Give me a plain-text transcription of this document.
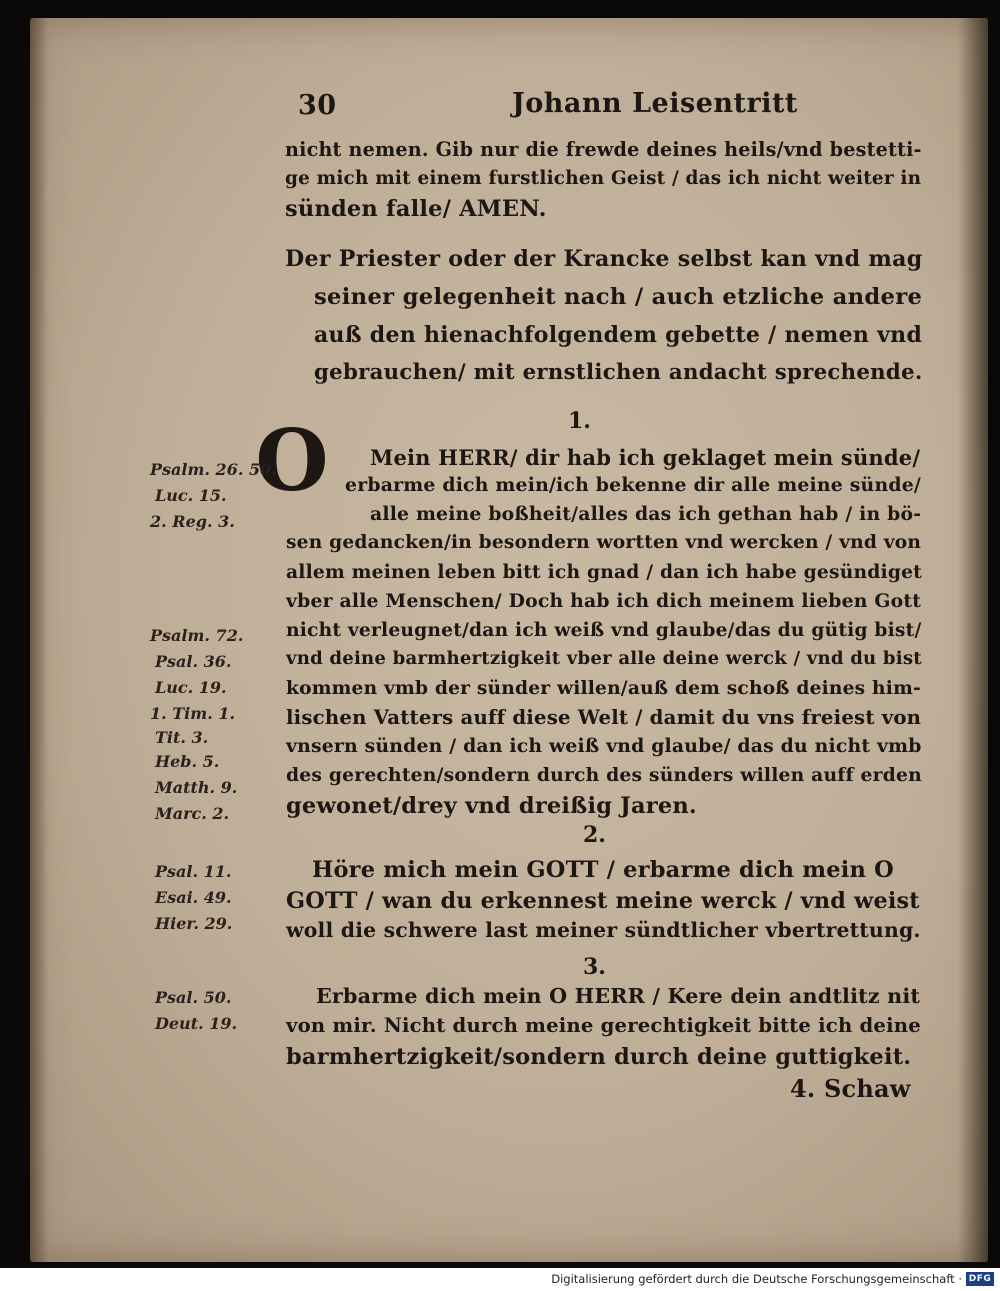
30	Johann Leisentritt
nicht nemen. Gib nur die frewde deines heils/vnd bestetti-
ge mich mit einem furstlichen Geist / das ich nicht weiter in
sünden falle/ AMEN.
Der Priester oder der Krancke selbst kan vnd mag
seiner gelegenheit nach / auch etzliche andere
auß den hienachfolgendem gebette / nemen vnd
gebrauchen/ mit ernstlichen andacht sprechende.
1.
O Mein HERR/ dir hab ich geklaget mein sünde/
erbarme dich mein/ich bekenne dir alle meine sünde/
alle meine boßheit/alles das ich gethan hab / in bö-
sen gedancken/in besondern wortten vnd wercken / vnd von
allem meinen leben bitt ich gnad / dan ich habe gesündiget
vber alle Menschen/ Doch hab ich dich meinem lieben Gott
nicht verleugnet/dan ich weiß vnd glaube/das du gütig bist/
vnd deine barmhertzigkeit vber alle deine werck / vnd du bist
kommen vmb der sünder willen/auß dem schoß deines him-
lischen Vatters auff diese Welt / damit du vns freiest von
vnsern sünden / dan ich weiß vnd glaube/ das du nicht vmb
des gerechten/sondern durch des sünders willen auff erden
gewonet/drey vnd dreißig Jaren.
2.
Höre mich mein GOTT / erbarme dich mein O
GOTT / wan du erkennest meine werck / vnd weist
woll die schwere last meiner sündtlicher vbertrettung.
3.
Erbarme dich mein O HERR / Kere dein andtlitz nit
von mir. Nicht durch meine gerechtigkeit bitte ich deine
barmhertzigkeit/sondern durch deine guttigkeit.
4. Schaw
Psalm. 26. 50.
Luc. 15.
2. Reg. 3.
Psalm. 72.
Psal. 36.
Luc. 19.
1. Tim. 1.
Tit. 3.
Heb. 5.
Matth. 9.
Marc. 2.
Psal. 11.
Esai. 49.
Hier. 29.
Psal. 50.
Deut. 19.
Digitalisierung gefördert durch die Deutsche Forschungsgemeinschaft · DFG
